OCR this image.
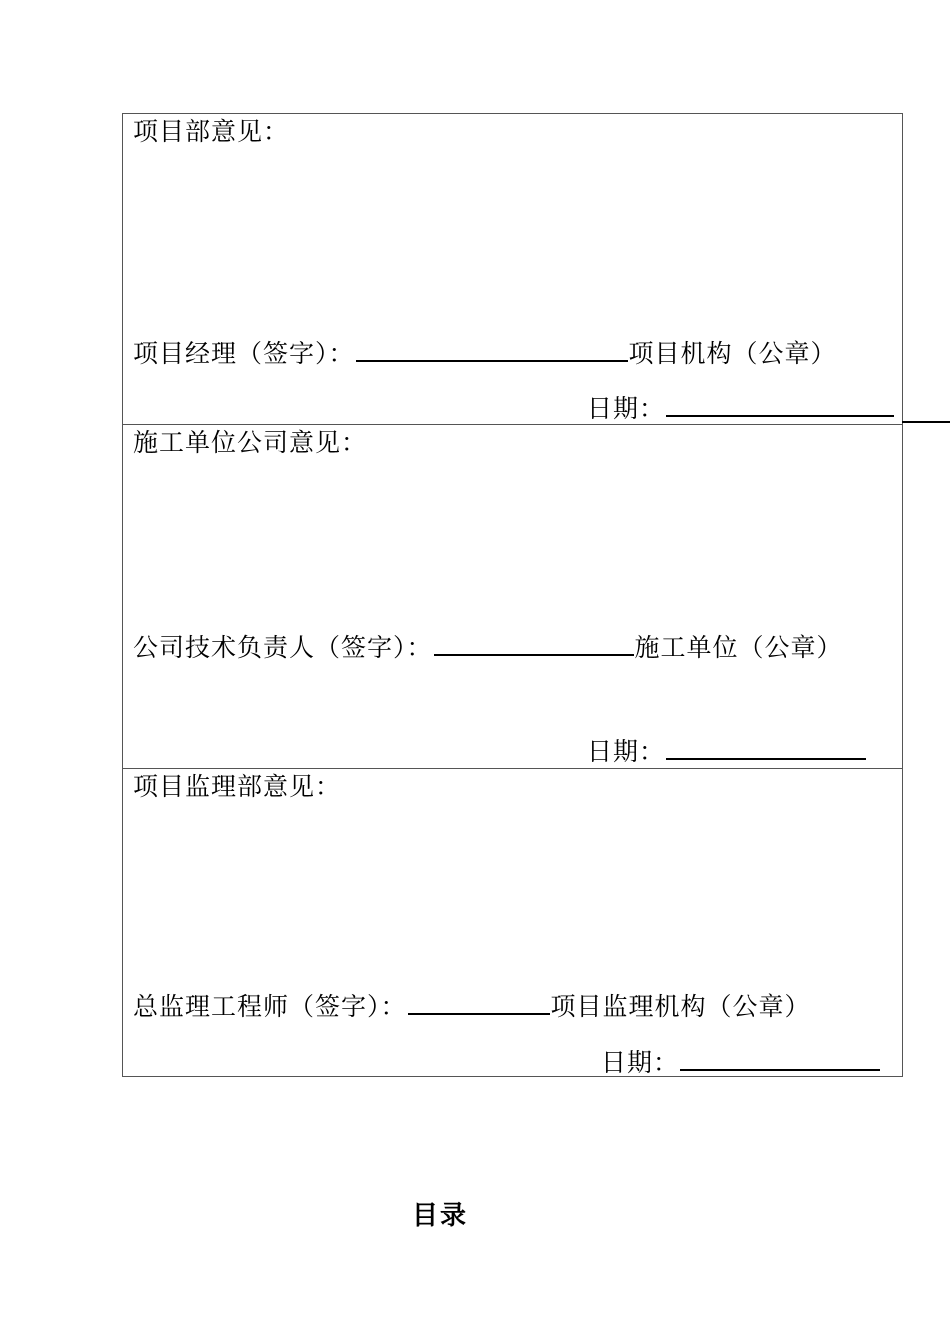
项目部意见：
项目经理（签字）：	项目机构（公章）
日期：
施工单位公司意见：
公司技术负责人（签字）：	施工单位（公章）
日期：
项目监理部意见：
总监理工程师（签字）：	项目监理机构（公章）
日期：
目录
